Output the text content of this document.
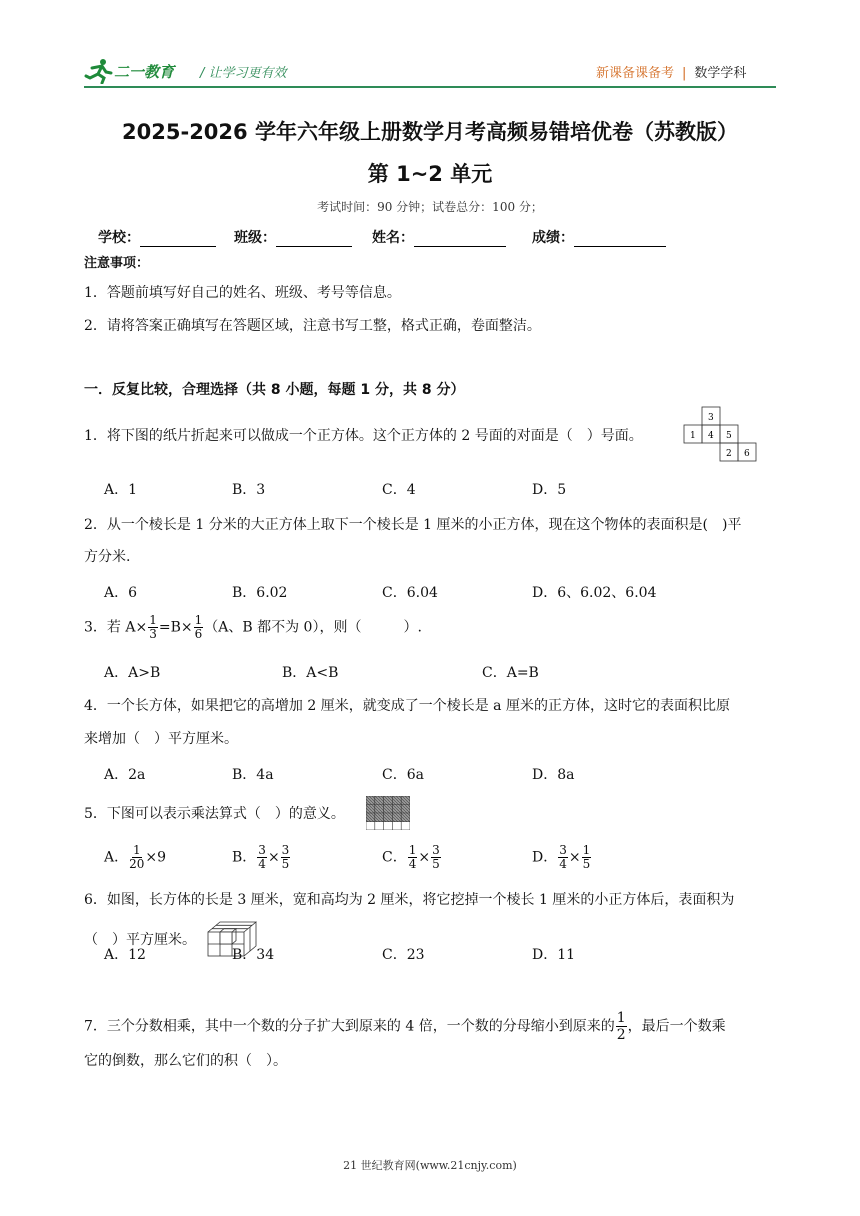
二一教育 / 让学习更有效	新课备课备考 | 数学学科
2025-2026 学年六年级上册数学月考高频易错培优卷（苏教版）
第 1~2 单元
考试时间：90 分钟；试卷总分：100 分；
学校：	班级：	姓名：	成绩：
注意事项：
1．答题前填写好自己的姓名、班级、考号等信息。
2．请将答案正确填写在答题区域，注意书写工整，格式正确，卷面整洁。
一．反复比较，合理选择（共 8 小题，每题 1 分，共 8 分）
1．将下图的纸片折起来可以做成一个正方体。这个正方体的 2 号面的对面是（　）号面。
3
1 4 5
2 6
A．1	B．3	C．4	D．5
2．从一个棱长是 1 分米的大正方体上取下一个棱长是 1 厘米的小正方体，现在这个物体的表面积是(　)平
方分米.
A．6	B．6.02	C．6.04	D．6、6.02、6.04
3．若 $A\times \frac{1}{3} =B\times \frac{1}{6} (A$、B 都不为 0），则（　　　）.
A．A>B	B．A<B	C．A=B
4．一个长方体，如果把它的高增加 2 厘米，就变成了一个棱长是 a 厘米的正方体，这时它的表面积比原
来增加（　）平方厘米。
A．2a	B．4a	C．6a	D．8a
5．下图可以表示乘法算式（　）的意义。
A． $\frac{1}{20} \times 9$	B． $\frac{3}{4} \times \frac{3}{5}$	C． $\frac{1}{4} \times \frac{3}{5}$	D． $\frac{3}{4} \times \frac{1}{5}$
6．如图，长方体的长是 3 厘米，宽和高均为 2 厘米，将它挖掉一个棱长 1 厘米的小正方体后，表面积为
（　）平方厘米。
A．12	B．34	C．23	D．11
7．三个分数相乘，其中一个数的分子扩大到原来的 4 倍，一个数的分母缩小到原来的 $\frac{1}{2}$ ，最后一个数乘
它的倒数，那么它们的积（　）。
21 世纪教育网(www.21cnjy.com)
